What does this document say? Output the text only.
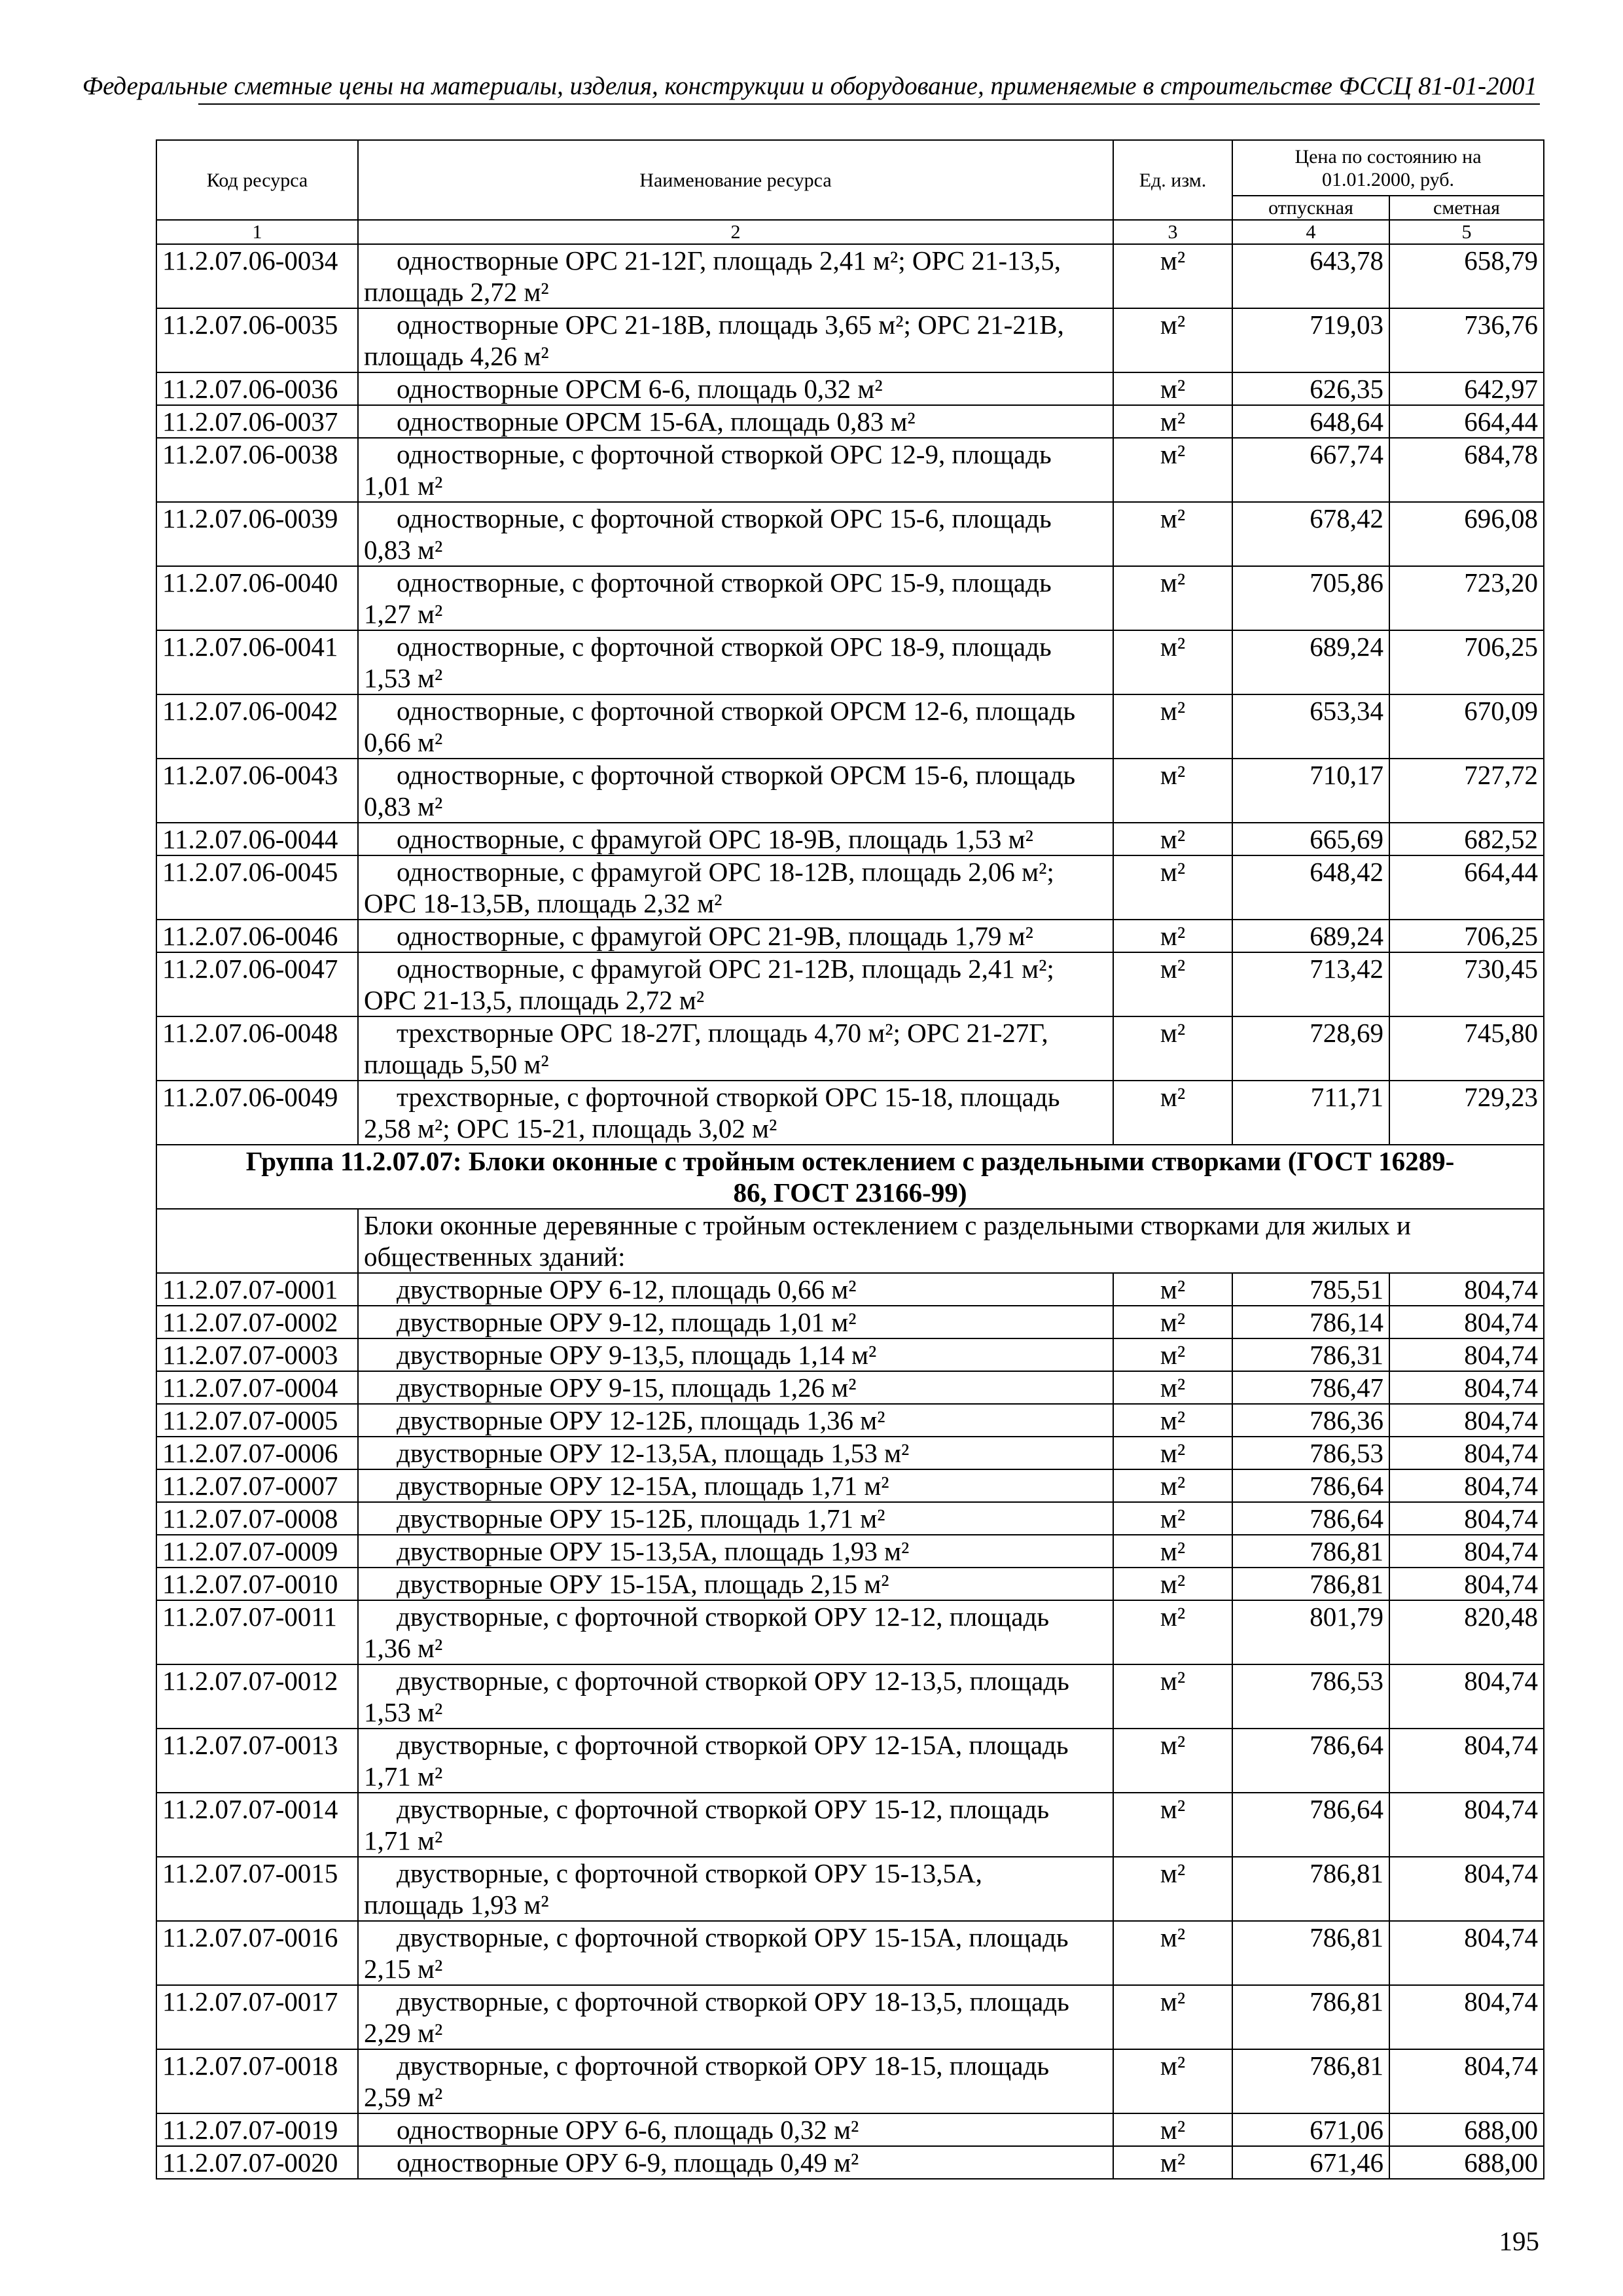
Федеральные сметные цены на материалы, изделия, конструкции и оборудование, применяемые в строительстве ФССЦ 81-01-2001
Код ресурса	Наименование ресурса	Ед. изм.	Цена по состоянию на
01.01.2000, руб.	

			отпускная	сметная
1	2	3	4	5
11.2.07.06-0034	одностворные ОРС 21-12Г, площадь 2,41 м²; ОРС 21-13,5,
площадь 2,72 м²	м²	643,78	658,79
11.2.07.06-0035	одностворные ОРС 21-18В, площадь 3,65 м²; ОРС 21-21В,
площадь 4,26 м²	м²	719,03	736,76
11.2.07.06-0036	одностворные ОРСМ 6-6, площадь 0,32 м²	м²	626,35	642,97
11.2.07.06-0037	одностворные ОРСМ 15-6А, площадь 0,83 м²	м²	648,64	664,44
11.2.07.06-0038	одностворные, с форточной створкой ОРС 12-9, площадь
1,01 м²	м²	667,74	684,78
11.2.07.06-0039	одностворные, с форточной створкой ОРС 15-6, площадь
0,83 м²	м²	678,42	696,08
11.2.07.06-0040	одностворные, с форточной створкой ОРС 15-9, площадь
1,27 м²	м²	705,86	723,20
11.2.07.06-0041	одностворные, с форточной створкой ОРС 18-9, площадь
1,53 м²	м²	689,24	706,25
11.2.07.06-0042	одностворные, с форточной створкой ОРСМ 12-6, площадь
0,66 м²	м²	653,34	670,09
11.2.07.06-0043	одностворные, с форточной створкой ОРСМ 15-6, площадь
0,83 м²	м²	710,17	727,72
11.2.07.06-0044	одностворные, с фрамугой ОРС 18-9В, площадь 1,53 м²	м²	665,69	682,52
11.2.07.06-0045	одностворные, с фрамугой ОРС 18-12В, площадь 2,06 м²;
ОРС 18-13,5В, площадь 2,32 м²	м²	648,42	664,44
11.2.07.06-0046	одностворные, с фрамугой ОРС 21-9В, площадь 1,79 м²	м²	689,24	706,25
11.2.07.06-0047	одностворные, с фрамугой ОРС 21-12В, площадь 2,41 м²;
ОРС 21-13,5, площадь 2,72 м²	м²	713,42	730,45
11.2.07.06-0048	трехстворные ОРС 18-27Г, площадь 4,70 м²; ОРС 21-27Г,
площадь 5,50 м²	м²	728,69	745,80
11.2.07.06-0049	трехстворные, с форточной створкой ОРС 15-18, площадь
2,58 м²; ОРС 15-21, площадь 3,02 м²	м²	711,71	729,23

Группа 11.2.07.07: Блоки оконные с тройным остеклением с раздельными створками (ГОСТ 16289-
86, ГОСТ 23166-99)				

	Блоки оконные деревянные с тройным остеклением с раздельными створками для жилых и
общественных зданий:			

11.2.07.07-0001	двустворные ОРУ 6-12, площадь 0,66 м²	м²	785,51	804,74
11.2.07.07-0002	двустворные ОРУ 9-12, площадь 1,01 м²	м²	786,14	804,74
11.2.07.07-0003	двустворные ОРУ 9-13,5, площадь 1,14 м²	м²	786,31	804,74
11.2.07.07-0004	двустворные ОРУ 9-15, площадь 1,26 м²	м²	786,47	804,74
11.2.07.07-0005	двустворные ОРУ 12-12Б, площадь 1,36 м²	м²	786,36	804,74
11.2.07.07-0006	двустворные ОРУ 12-13,5А, площадь 1,53 м²	м²	786,53	804,74
11.2.07.07-0007	двустворные ОРУ 12-15А, площадь 1,71 м²	м²	786,64	804,74
11.2.07.07-0008	двустворные ОРУ 15-12Б, площадь 1,71 м²	м²	786,64	804,74
11.2.07.07-0009	двустворные ОРУ 15-13,5А, площадь 1,93 м²	м²	786,81	804,74
11.2.07.07-0010	двустворные ОРУ 15-15А, площадь 2,15 м²	м²	786,81	804,74
11.2.07.07-0011	двустворные, с форточной створкой ОРУ 12-12, площадь
1,36 м²	м²	801,79	820,48
11.2.07.07-0012	двустворные, с форточной створкой ОРУ 12-13,5, площадь
1,53 м²	м²	786,53	804,74
11.2.07.07-0013	двустворные, с форточной створкой ОРУ 12-15А, площадь
1,71 м²	м²	786,64	804,74
11.2.07.07-0014	двустворные, с форточной створкой ОРУ 15-12, площадь
1,71 м²	м²	786,64	804,74
11.2.07.07-0015	двустворные, с форточной створкой ОРУ 15-13,5А,
площадь 1,93 м²	м²	786,81	804,74
11.2.07.07-0016	двустворные, с форточной створкой ОРУ 15-15А, площадь
2,15 м²	м²	786,81	804,74
11.2.07.07-0017	двустворные, с форточной створкой ОРУ 18-13,5, площадь
2,29 м²	м²	786,81	804,74
11.2.07.07-0018	двустворные, с форточной створкой ОРУ 18-15, площадь
2,59 м²	м²	786,81	804,74
11.2.07.07-0019	одностворные ОРУ 6-6, площадь 0,32 м²	м²	671,06	688,00
11.2.07.07-0020	одностворные ОРУ 6-9, площадь 0,49 м²	м²	671,46	688,00
195
